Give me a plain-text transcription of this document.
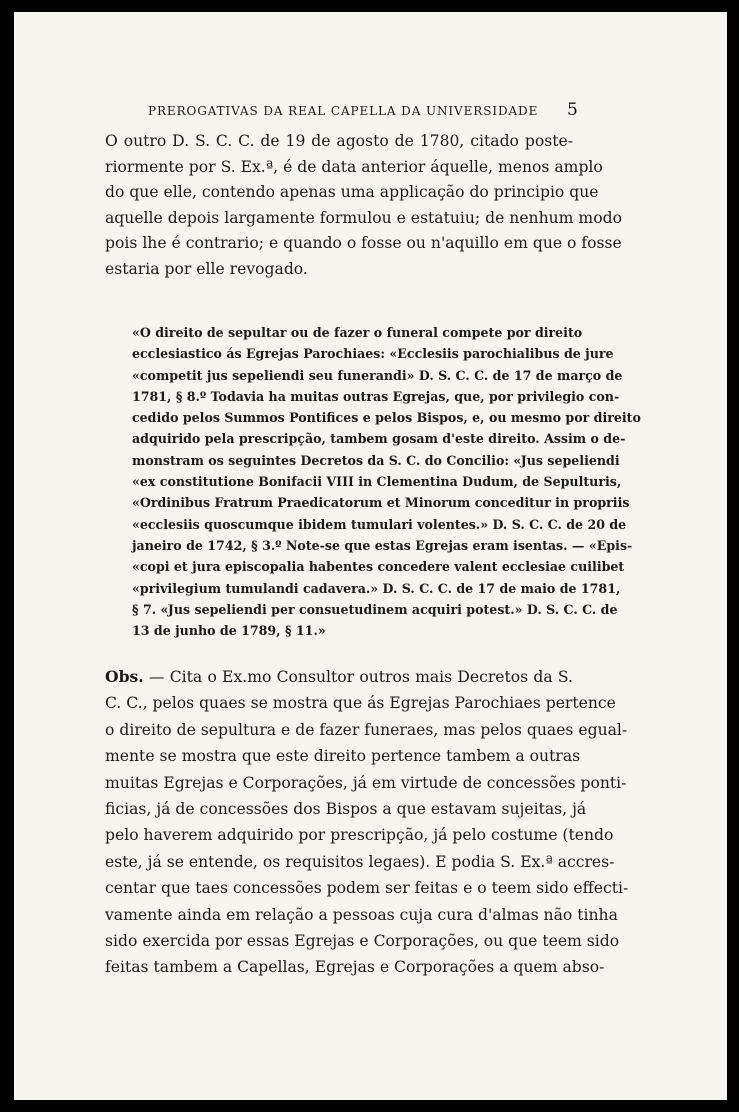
PREROGATIVAS DA REAL CAPELLA DA UNIVERSIDADE	5
O outro D. S. C. C. de 19 de agosto de 1780, citado poste-
riormente por S. Ex.ª, é de data anterior áquelle, menos amplo
do que elle, contendo apenas uma applicação do principio que
aquelle depois largamente formulou e estatuiu; de nenhum modo
pois lhe é contrario; e quando o fosse ou n'aquillo em que o fosse
estaria por elle revogado.
«O direito de sepultar ou de fazer o funeral compete por direito
ecclesiastico ás Egrejas Parochiaes: «Ecclesiis parochialibus de jure
«competit jus sepeliendi seu funerandi» D. S. C. C. de 17 de março de
1781, § 8.º Todavia ha muitas outras Egrejas, que, por privilegio con-
cedido pelos Summos Pontifices e pelos Bispos, e, ou mesmo por direito
adquirido pela prescripção, tambem gosam d'este direito. Assim o de-
monstram os seguintes Decretos da S. C. do Concilio: «Jus sepeliendi
«ex constitutione Bonifacii VIII in Clementina Dudum, de Sepulturis,
«Ordinibus Fratrum Praedicatorum et Minorum conceditur in propriis
«ecclesiis quoscumque ibidem tumulari volentes.» D. S. C. C. de 20 de
janeiro de 1742, § 3.º Note-se que estas Egrejas eram isentas. — «Epis-
«copi et jura episcopalia habentes concedere valent ecclesiae cuilibet
«privilegium tumulandi cadavera.» D. S. C. C. de 17 de maio de 1781,
§ 7. «Jus sepeliendi per consuetudinem acquiri potest.» D. S. C. C. de
13 de junho de 1789, § 11.»
Obs. — Cita o Ex.mo Consultor outros mais Decretos da S.
C. C., pelos quaes se mostra que ás Egrejas Parochiaes pertence
o direito de sepultura e de fazer funeraes, mas pelos quaes egual-
mente se mostra que este direito pertence tambem a outras
muitas Egrejas e Corporações, já em virtude de concessões ponti-
ficias, já de concessões dos Bispos a que estavam sujeitas, já
pelo haverem adquirido por prescripção, já pelo costume (tendo
este, já se entende, os requisitos legaes). E podia S. Ex.ª accres-
centar que taes concessões podem ser feitas e o teem sido effecti-
vamente ainda em relação a pessoas cuja cura d'almas não tinha
sido exercida por essas Egrejas e Corporações, ou que teem sido
feitas tambem a Capellas, Egrejas e Corporações a quem abso-
